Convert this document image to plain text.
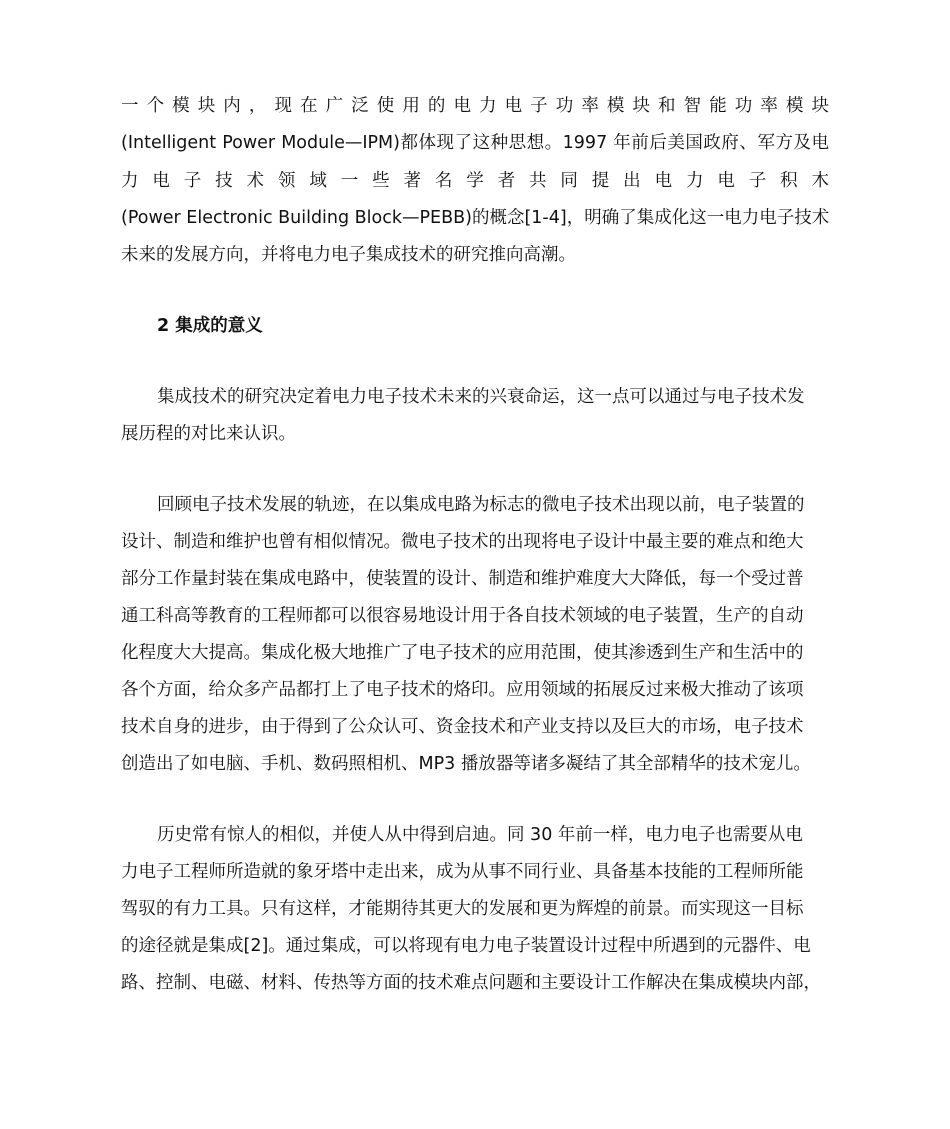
一个模块内，现在广泛使用的电力电子功率模块和智能功率模块
(Intelligent Power Module—IPM)都体现了这种思想。1997 年前后美国政府、军方及电
力电子技术领域一些著名学者共同提出电力电子积木
(Power Electronic Building Block—PEBB)的概念[1-4]，明确了集成化这一电力电子技术
未来的发展方向，并将电力电子集成技术的研究推向高潮。
2 集成的意义
集成技术的研究决定着电力电子技术未来的兴衰命运，这一点可以通过与电子技术发
展历程的对比来认识。
回顾电子技术发展的轨迹，在以集成电路为标志的微电子技术出现以前，电子装置的
设计、制造和维护也曾有相似情况。微电子技术的出现将电子设计中最主要的难点和绝大
部分工作量封装在集成电路中，使装置的设计、制造和维护难度大大降低，每一个受过普
通工科高等教育的工程师都可以很容易地设计用于各自技术领域的电子装置，生产的自动
化程度大大提高。集成化极大地推广了电子技术的应用范围，使其渗透到生产和生活中的
各个方面，给众多产品都打上了电子技术的烙印。应用领域的拓展反过来极大推动了该项
技术自身的进步，由于得到了公众认可、资金技术和产业支持以及巨大的市场，电子技术
创造出了如电脑、手机、数码照相机、MP3 播放器等诸多凝结了其全部精华的技术宠儿。
历史常有惊人的相似，并使人从中得到启迪。同 30 年前一样，电力电子也需要从电
力电子工程师所造就的象牙塔中走出来，成为从事不同行业、具备基本技能的工程师所能
驾驭的有力工具。只有这样，才能期待其更大的发展和更为辉煌的前景。而实现这一目标
的途径就是集成[2]。通过集成，可以将现有电力电子装置设计过程中所遇到的元器件、电
路、控制、电磁、材料、传热等方面的技术难点问题和主要设计工作解决在集成模块内部，
